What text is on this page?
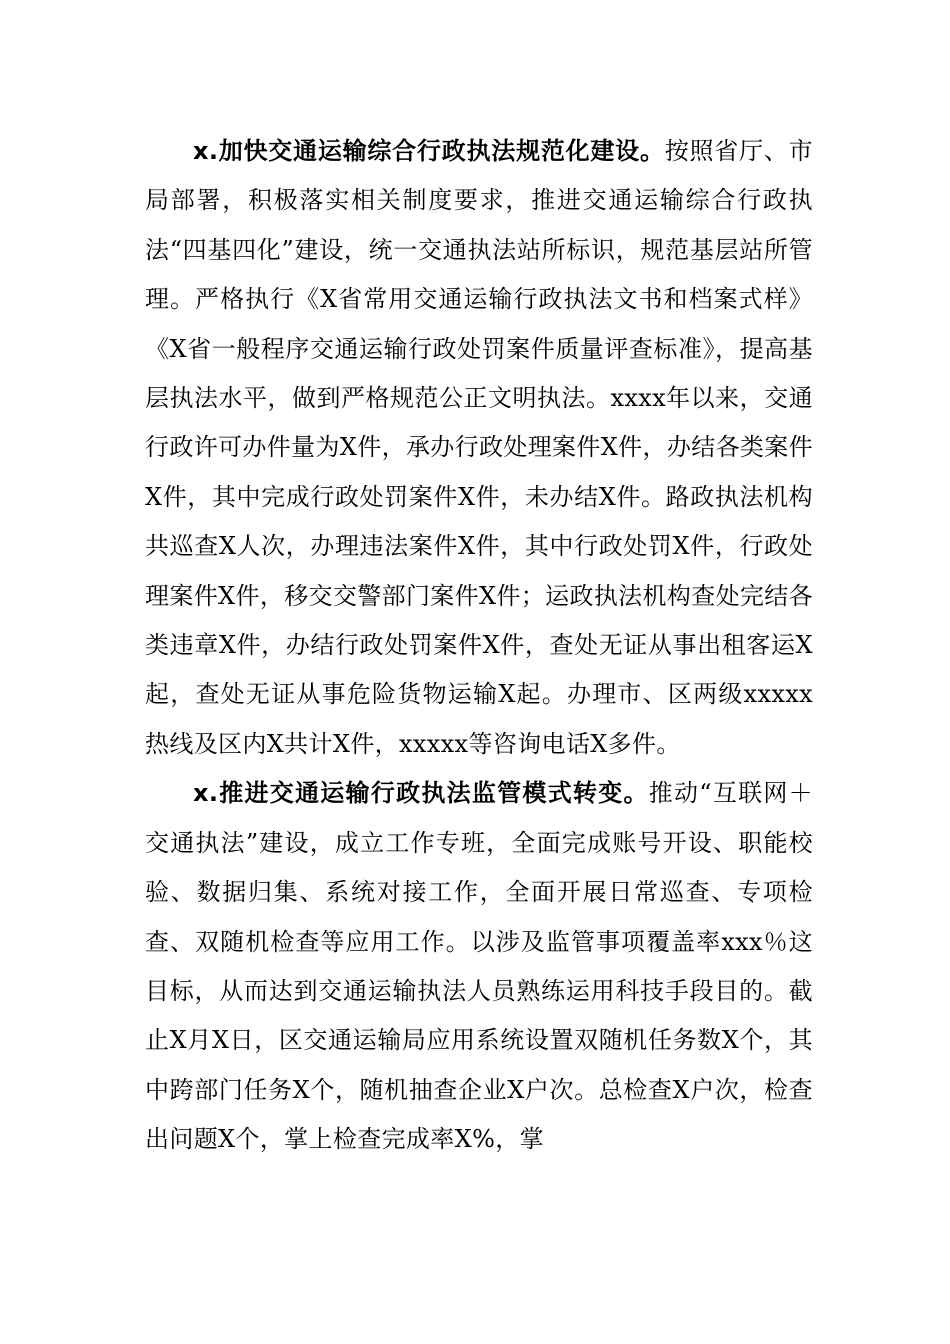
x.加快交通运输综合行政执法规范化建设。按照省厅、市局部署，积极落实相关制度要求，推进交通运输综合行政执法“四基四化”建设，统一交通执法站所标识，规范基层站所管理。严格执行《X省常用交通运输行政执法文书和档案式样》《X省一般程序交通运输行政处罚案件质量评查标准》，提高基层执法水平，做到严格规范公正文明执法。xxxx年以来，交通行政许可办件量为X件，承办行政处理案件X件，办结各类案件X件，其中完成行政处罚案件X件，未办结X件。路政执法机构共巡查X人次，办理违法案件X件，其中行政处罚X件，行政处理案件X件，移交交警部门案件X件；运政执法机构查处完结各类违章X件，办结行政处罚案件X件，查处无证从事出租客运X起，查处无证从事危险货物运输X起。办理市、区两级xxxxx热线及区内X共计X件，xxxxx等咨询电话X多件。

x.推进交通运输行政执法监管模式转变。推动“互联网＋交通执法”建设，成立工作专班，全面完成账号开设、职能校验、数据归集、系统对接工作，全面开展日常巡查、专项检查、双随机检查等应用工作。以涉及监管事项覆盖率xxx％这目标，从而达到交通运输执法人员熟练运用科技手段目的。截止X月X日，区交通运输局应用系统设置双随机任务数X个，其中跨部门任务X个，随机抽查企业X户次。总检查X户次，检查出问题X个，掌上检查完成率X%，掌
